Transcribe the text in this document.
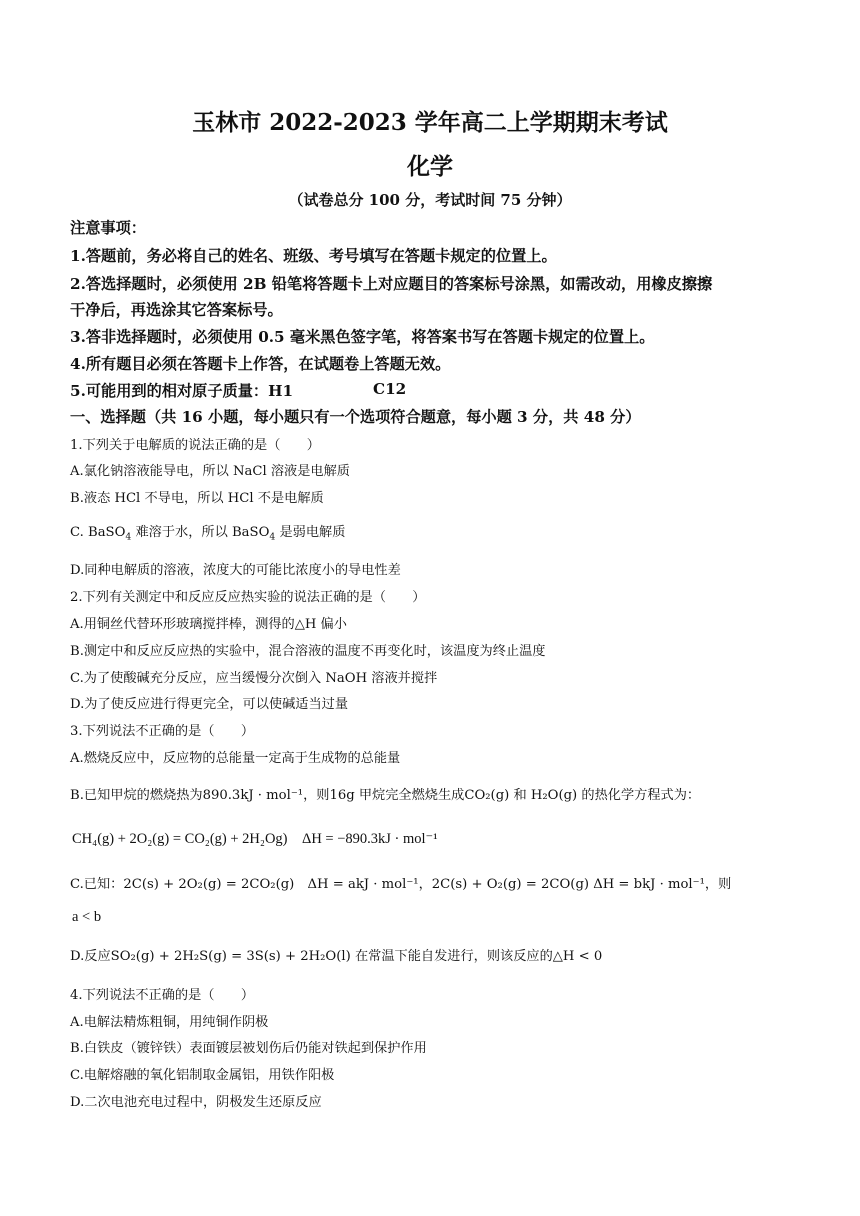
玉林市 2022-2023 学年高二上学期期末考试
化学
（试卷总分 100 分，考试时间 75 分钟）
注意事项：
1.答题前，务必将自己的姓名、班级、考号填写在答题卡规定的位置上。
2.答选择题时，必须使用 2B 铅笔将答题卡上对应题目的答案标号涂黑，如需改动，用橡皮擦擦
干净后，再选涂其它答案标号。
3.答非选择题时，必须使用 0.5 毫米黑色签字笔，将答案书写在答题卡规定的位置上。
4.所有题目必须在答题卡上作答，在试题卷上答题无效。
5.可能用到的相对原子质量：H1	C12
一、选择题（共 16 小题，每小题只有一个选项符合题意，每小题 3 分，共 48 分）
1.下列关于电解质的说法正确的是（　　）
A.氯化钠溶液能导电，所以 NaCl 溶液是电解质
B.液态 HCl 不导电，所以 HCl 不是电解质
C. BaSO$_4$ 难溶于水，所以 BaSO$_4$ 是弱电解质
D.同种电解质的溶液，浓度大的可能比浓度小的导电性差
2.下列有关测定中和反应反应热实验的说法正确的是（　　）
A.用铜丝代替环形玻璃搅拌棒，测得的△H 偏小
B.测定中和反应反应热的实验中，混合溶液的温度不再变化时，该温度为终止温度
C.为了使酸碱充分反应，应当缓慢分次倒入 NaOH 溶液并搅拌
D.为了使反应进行得更完全，可以使碱适当过量
3.下列说法不正确的是（　　）
A.燃烧反应中，反应物的总能量一定高于生成物的总能量
B.已知甲烷的燃烧热为890.3kJ · mol⁻¹，则16g 甲烷完全燃烧生成CO₂(g) 和 H₂O(g) 的热化学方程式为：
CH₄(g) + 2O₂(g) = CO₂(g) + 2H₂Og)　ΔH = −890.3kJ · mol⁻¹
C.已知：2C(s) + 2O₂(g) = 2CO₂(g)　ΔH = akJ · mol⁻¹，2C(s) + O₂(g) = 2CO(g) ΔH = bkJ · mol⁻¹，则
a < b
D.反应SO₂(g) + 2H₂S(g) = 3S(s) + 2H₂O(l) 在常温下能自发进行，则该反应的△H < 0
4.下列说法不正确的是（　　）
A.电解法精炼粗铜，用纯铜作阴极
B.白铁皮（镀锌铁）表面镀层被划伤后仍能对铁起到保护作用
C.电解熔融的氧化铝制取金属铝，用铁作阳极
D.二次电池充电过程中，阴极发生还原反应
